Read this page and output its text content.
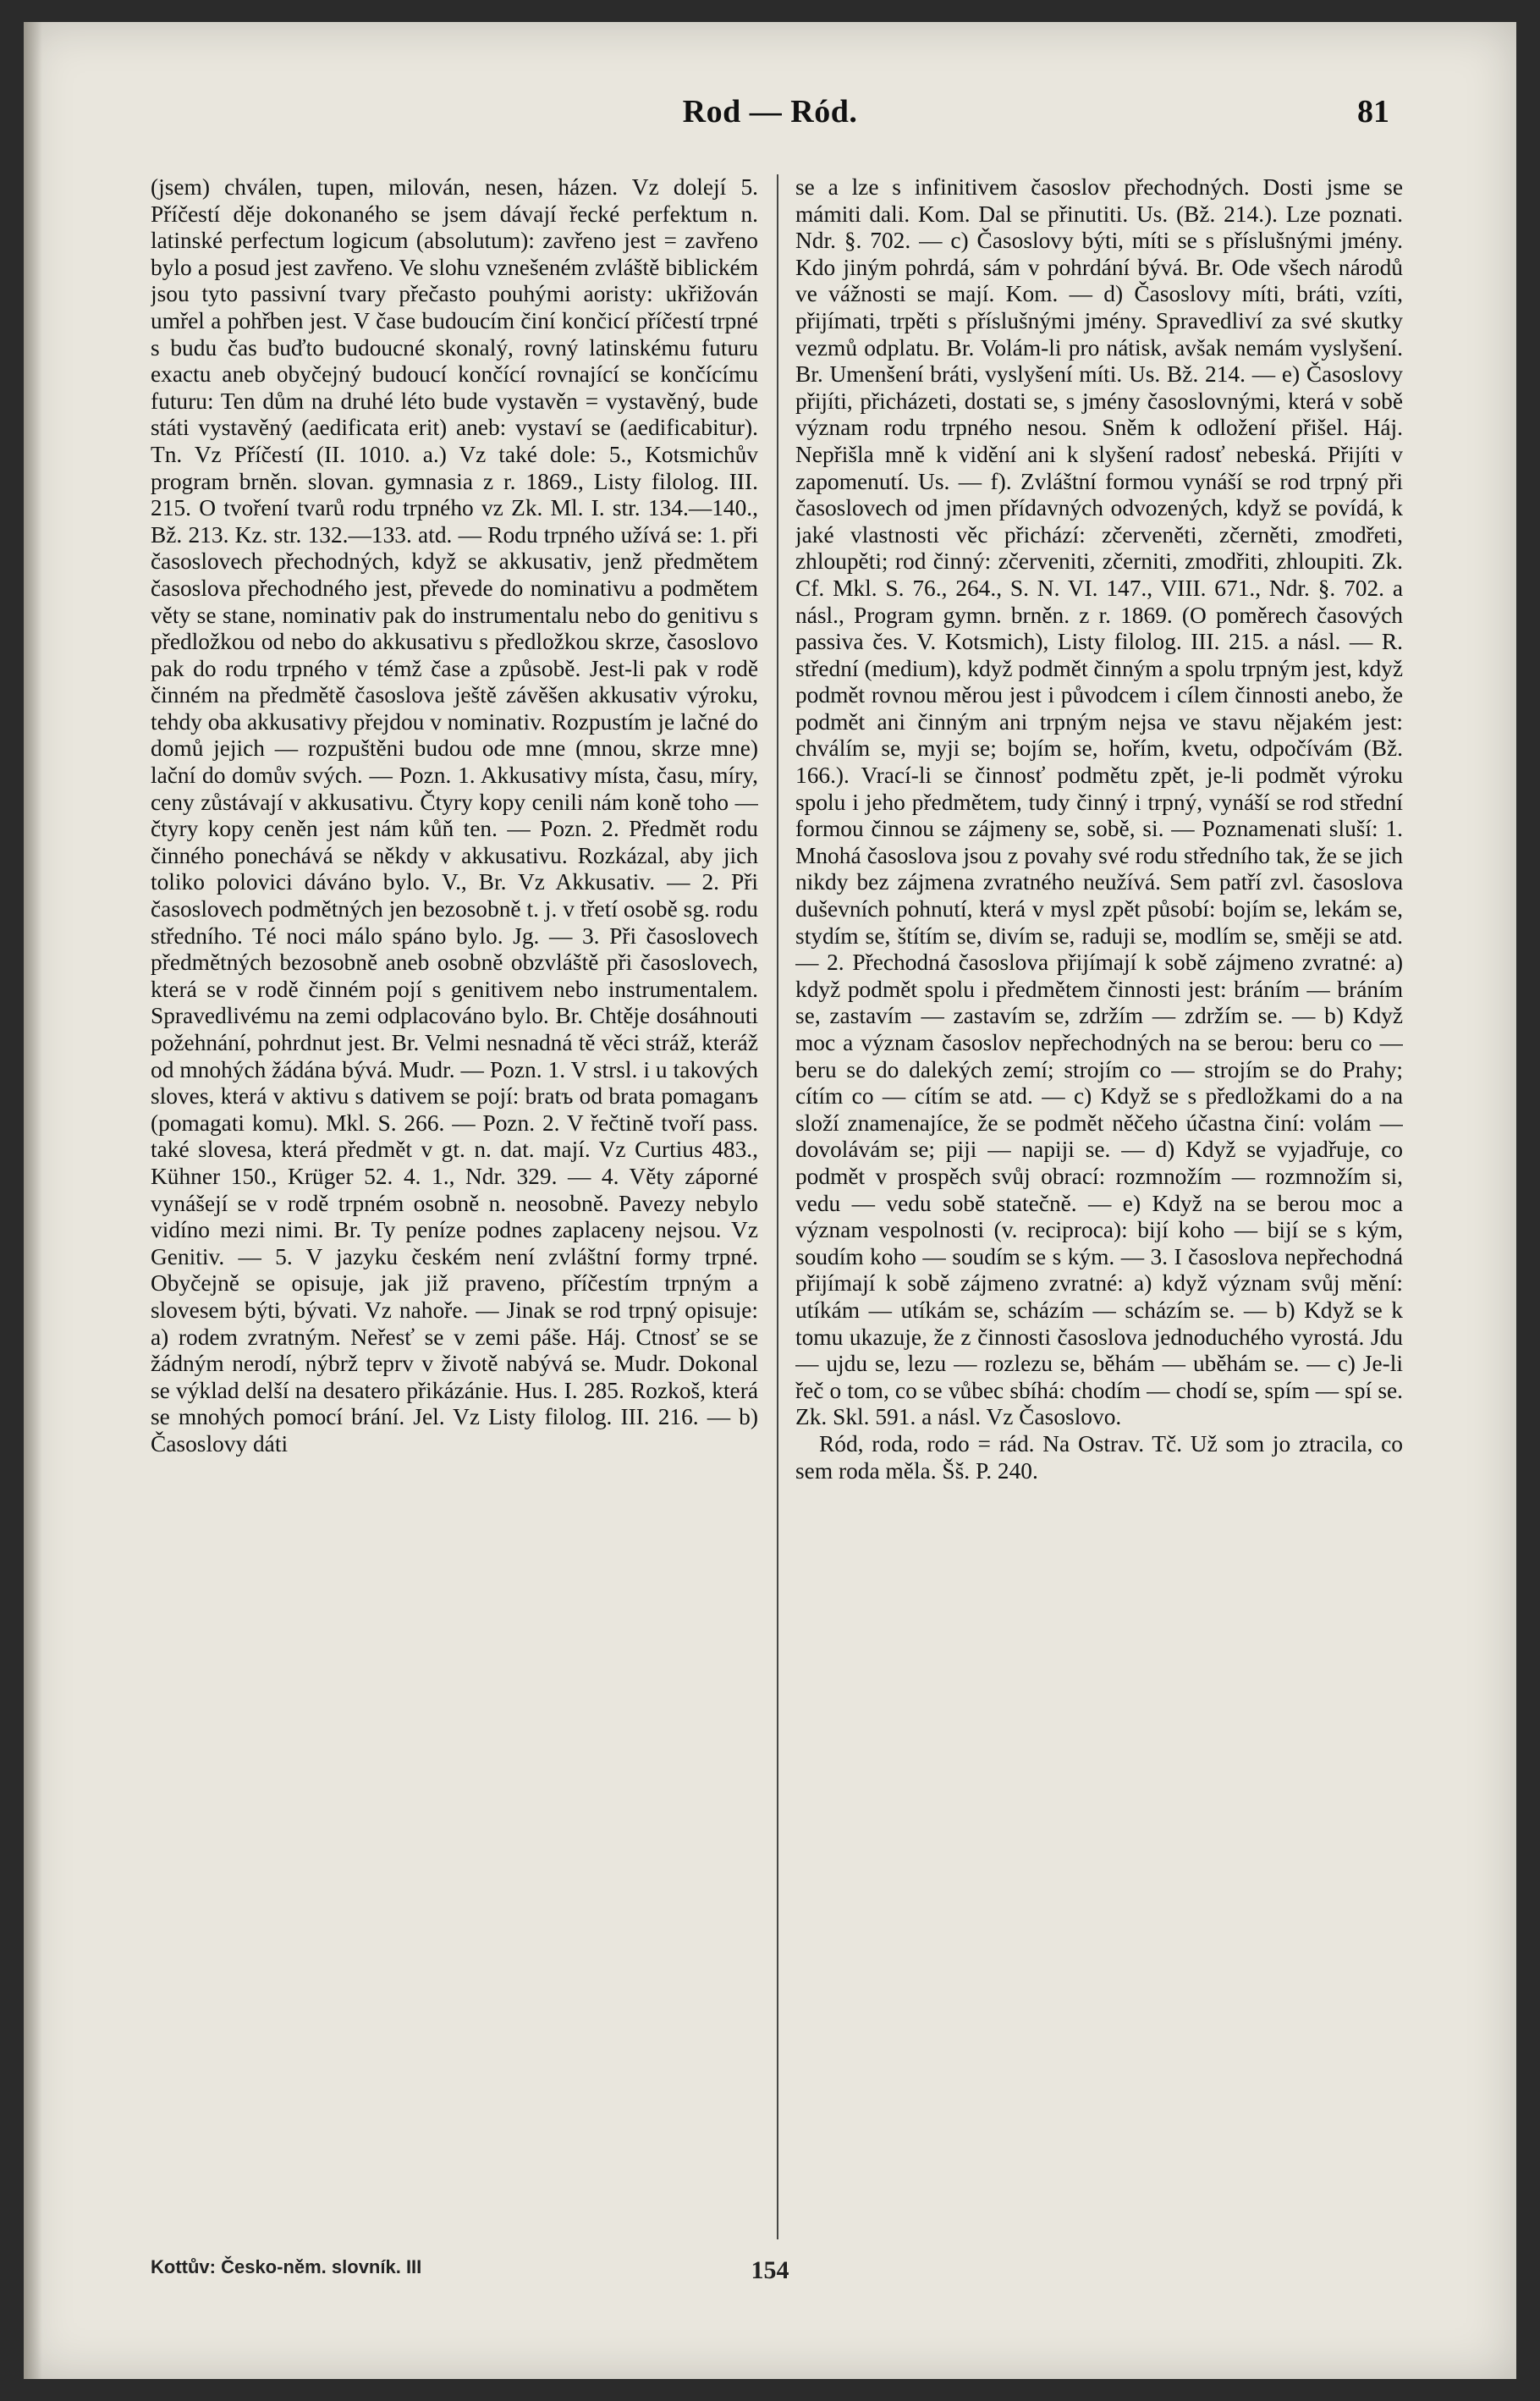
Rod — Ród.	81

(jsem) chválen, tupen, milován, nesen, házen. Vz dolejí 5. Příčestí děje dokonaného se jsem dávají řecké perfektum n. latinské perfectum logicum (absolutum): zavřeno jest = zavřeno bylo a posud jest zavřeno. Ve slohu vznešeném zvláště biblickém jsou tyto passivní tvary přečasto pouhými aoristy: ukřižován umřel a pohřben jest. V čase budoucím činí končicí příčestí trpné s budu čas buďto budoucné skonalý, rovný latinskému futuru exactu aneb obyčejný budoucí končící rovnající se končícímu futuru: Ten dům na druhé léto bude vystavěn = vystavěný, bude státi vystavěný (aedificata erit) aneb: vystaví se (aedificabitur). Tn. Vz Příčestí (II. 1010. a.) Vz také dole: 5., Kotsmichův program brněn. slovan. gymnasia z r. 1869., Listy filolog. III. 215. O tvoření tvarů rodu trpného vz Zk. Ml. I. str. 134.—140., Bž. 213. Kz. str. 132.—133. atd. — Rodu trpného užívá se: 1. při časoslovech přechodných, když se akkusativ, jenž předmětem časoslova přechodného jest, převede do nominativu a podmětem věty se stane, nominativ pak do instrumentalu nebo do genitivu s předložkou od nebo do akkusativu s předložkou skrze, časoslovo pak do rodu trpného v témž čase a způsobě. Jest-li pak v rodě činném na předmětě časoslova ještě závěšen akkusativ výroku, tehdy oba akkusativy přejdou v nominativ. Rozpustím je lačné do domů jejich — rozpuštěni budou ode mne (mnou, skrze mne) lační do domův svých. — Pozn. 1. Akkusativy místa, času, míry, ceny zůstávají v akkusativu. Čtyry kopy cenili nám koně toho — čtyry kopy ceněn jest nám kůň ten. — Pozn. 2. Předmět rodu činného ponechává se někdy v akkusativu. Rozkázal, aby jich toliko polovici dáváno bylo. V., Br. Vz Akkusativ. — 2. Při časoslovech podmětných jen bezosobně t. j. v třetí osobě sg. rodu středního. Té noci málo spáno bylo. Jg. — 3. Při časoslovech předmětných bezosobně aneb osobně obzvláště při časoslovech, která se v rodě činném pojí s genitivem nebo instrumentalem. Spravedlivému na zemi odplacováno bylo. Br. Chtěje dosáhnouti požehnání, pohrdnut jest. Br. Velmi nesnadná tě věci stráž, kteráž od mnohých žádána bývá. Mudr. — Pozn. 1. V strsl. i u takových sloves, která v aktivu s dativem se pojí: bratъ od brata pomaganъ (pomagati komu). Mkl. S. 266. — Pozn. 2. V řečtině tvoří pass. také slovesa, která předmět v gt. n. dat. mají. Vz Curtius 483., Kühner 150., Krüger 52. 4. 1., Ndr. 329. — 4. Věty záporné vynášejí se v rodě trpném osobně n. neosobně. Pavezy nebylo vidíno mezi nimi. Br. Ty peníze podnes zaplaceny nejsou. Vz Genitiv. — 5. V jazyku českém není zvláštní formy trpné. Obyčejně se opisuje, jak již praveno, příčestím trpným a slovesem býti, bývati. Vz nahoře. — Jinak se rod trpný opisuje: a) rodem zvratným. Neřesť se v zemi páše. Háj. Ctnosť se se žádným nerodí, nýbrž teprv v životě nabývá se. Mudr. Dokonal se výklad delší na desatero přikázánie. Hus. I. 285. Rozkoš, která se mnohých pomocí brání. Jel. Vz Listy filolog. III. 216. — b) Časoslovy dáti

se a lze s infinitivem časoslov přechodných. Dosti jsme se mámiti dali. Kom. Dal se přinutiti. Us. (Bž. 214.). Lze poznati. Ndr. §. 702. — c) Časoslovy býti, míti se s příslušnými jmény. Kdo jiným pohrdá, sám v pohrdání bývá. Br. Ode všech národů ve vážnosti se mají. Kom. — d) Časoslovy míti, bráti, vzíti, přijímati, trpěti s příslušnými jmény. Spravedliví za své skutky vezmů odplatu. Br. Volám-li pro nátisk, avšak nemám vyslyšení. Br. Umenšení bráti, vyslyšení míti. Us. Bž. 214. — e) Časoslovy přijíti, přicházeti, dostati se, s jmény časoslovnými, která v sobě význam rodu trpného nesou. Sněm k odložení přišel. Háj. Nepřišla mně k vidění ani k slyšení radosť nebeská. Přijíti v zapomenutí. Us. — f). Zvláštní formou vynáší se rod trpný při časoslovech od jmen přídavných odvozených, když se povídá, k jaké vlastnosti věc přichází: zčerveněti, zčerněti, zmodřeti, zhloupěti; rod činný: zčerveniti, zčerniti, zmodřiti, zhloupiti. Zk. Cf. Mkl. S. 76., 264., S. N. VI. 147., VIII. 671., Ndr. §. 702. a násl., Program gymn. brněn. z r. 1869. (O poměrech časových passiva čes. V. Kotsmich), Listy filolog. III. 215. a násl. — R. střední (medium), když podmět činným a spolu trpným jest, když podmět rovnou měrou jest i původcem i cílem činnosti anebo, že podmět ani činným ani trpným nejsa ve stavu nějakém jest: chválím se, myji se; bojím se, hořím, kvetu, odpočívám (Bž. 166.). Vrací-li se činnosť podmětu zpět, je-li podmět výroku spolu i jeho předmětem, tudy činný i trpný, vynáší se rod střední formou činnou se zájmeny se, sobě, si. — Poznamenati sluší: 1. Mnohá časoslova jsou z povahy své rodu středního tak, že se jich nikdy bez zájmena zvratného neužívá. Sem patří zvl. časoslova duševních pohnutí, která v mysl zpět působí: bojím se, lekám se, stydím se, štítím se, divím se, raduji se, modlím se, směji se atd. — 2. Přechodná časoslova přijímají k sobě zájmeno zvratné: a) když podmět spolu i předmětem činnosti jest: bráním — bráním se, zastavím — zastavím se, zdržím — zdržím se. — b) Když moc a význam časoslov nepřechodných na se berou: beru co — beru se do dalekých zemí; strojím co — strojím se do Prahy; cítím co — cítím se atd. — c) Když se s předložkami do a na složí znamenajíce, že se podmět něčeho účastna činí: volám — dovolávám se; piji — napiji se. — d) Když se vyjadřuje, co podmět v prospěch svůj obrací: rozmnožím — rozmnožím si, vedu — vedu sobě statečně. — e) Když na se berou moc a význam vespolnosti (v. reciproca): bijí koho — bijí se s kým, soudím koho — soudím se s kým. — 3. I časoslova nepřechodná přijímají k sobě zájmeno zvratné: a) když význam svůj mění: utíkám — utíkám se, scházím — scházím se. — b) Když se k tomu ukazuje, že z činnosti časoslova jednoduchého vyrostá. Jdu — ujdu se, lezu — rozlezu se, běhám — uběhám se. — c) Je-li řeč o tom, co se vůbec sbíhá: chodím — chodí se, spím — spí se. Zk. Skl. 591. a násl. Vz Časoslovo.

Ród, roda, rodo = rád. Na Ostrav. Tč. Už som jo ztracila, co sem roda měla. Šš. P. 240.

Kottův: Česko-něm. slovník. III	154
